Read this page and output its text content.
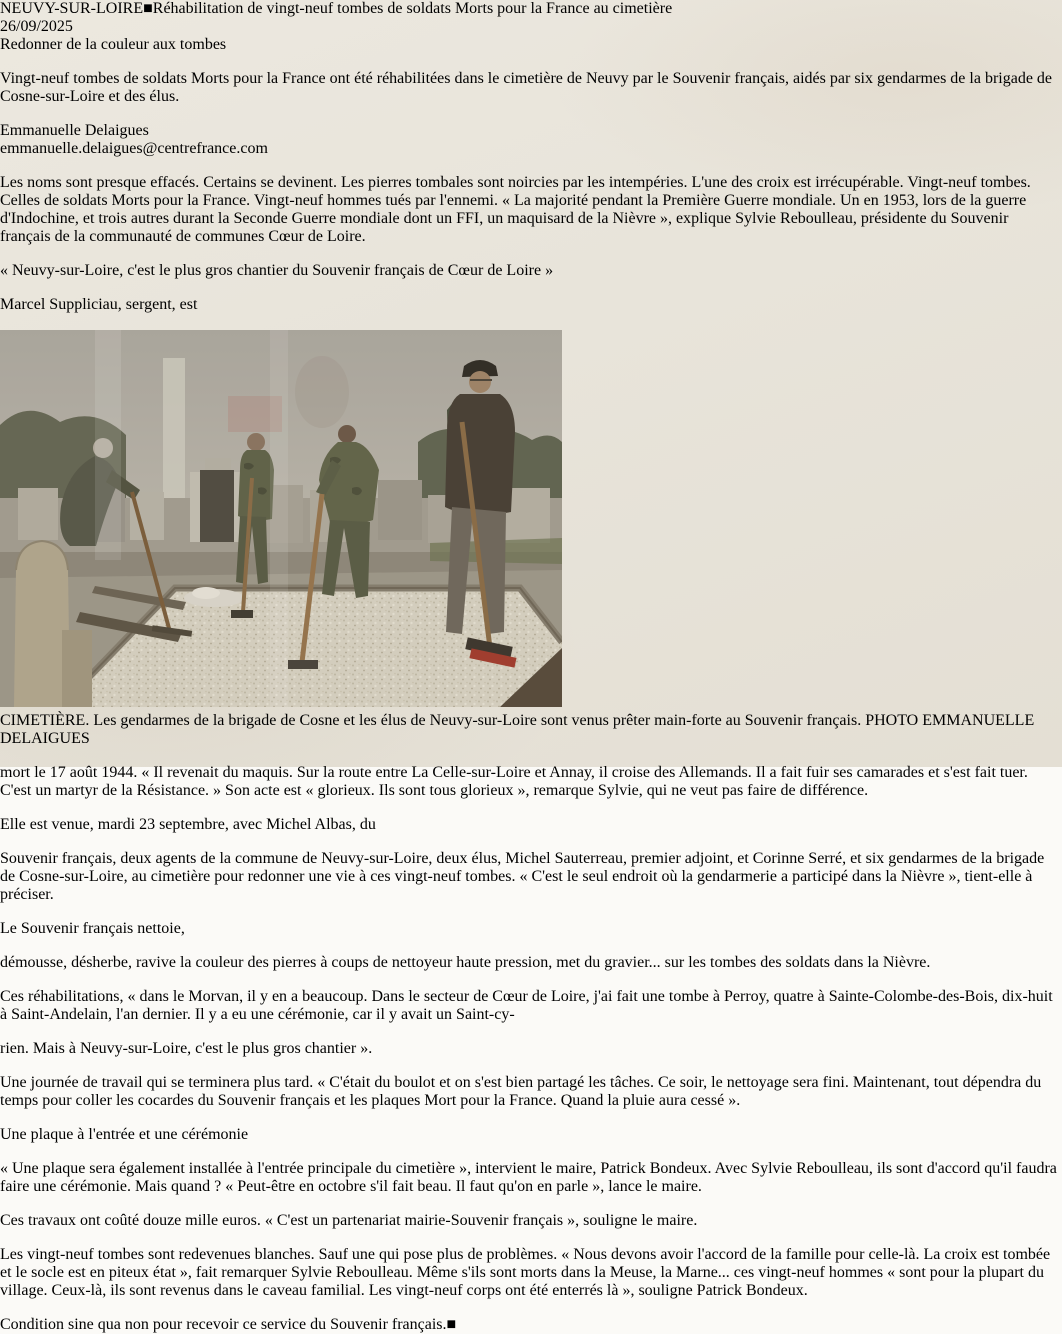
NEUVY-SUR-LOIRE■Réhabilitation de vingt-neuf tombes de soldats Morts pour la France au cimetière
26/09/2025
Redonner de la couleur aux tombes

Vingt-neuf tombes de soldats Morts pour la France ont été réhabilitées dans le cimetière de Neuvy par le Souvenir français, aidés par six gendarmes de la brigade de Cosne-sur-Loire et des élus.

Emmanuelle Delaigues
emmanuelle.delaigues@centrefrance.com

Les noms sont presque effacés. Certains se devinent. Les pierres tombales sont noircies par les intempéries. L'une des croix est irrécupérable. Vingt-neuf tombes. Celles de soldats Morts pour la France. Vingt-neuf hommes tués par l'ennemi. « La majorité pendant la Première Guerre mondiale. Un en 1953, lors de la guerre d'Indochine, et trois autres durant la Seconde Guerre mondiale dont un FFI, un maquisard de la Nièvre », explique Sylvie Reboulleau, présidente du Souvenir français de la communauté de communes Cœur de Loire.

« Neuvy-sur-Loire, c'est le plus gros chantier du Souvenir français de Cœur de Loire »

Marcel Suppliciau, sergent, est

CIMETIÈRE. Les gendarmes de la brigade de Cosne et les élus de Neuvy-sur-Loire sont venus prêter main-forte au Souvenir français. PHOTO EMMANUELLE DELAIGUES

mort le 17 août 1944. « Il revenait du maquis. Sur la route entre La Celle-sur-Loire et Annay, il croise des Allemands. Il a fait fuir ses camarades et s'est fait tuer. C'est un martyr de la Résistance. » Son acte est « glorieux. Ils sont tous glorieux », remarque Sylvie, qui ne veut pas faire de différence.

Elle est venue, mardi 23 septembre, avec Michel Albas, du

Souvenir français, deux agents de la commune de Neuvy-sur-Loire, deux élus, Michel Sauterreau, premier adjoint, et Corinne Serré, et six gendarmes de la brigade de Cosne-sur-Loire, au cimetière pour redonner une vie à ces vingt-neuf tombes. « C'est le seul endroit où la gendarmerie a participé dans la Nièvre », tient-elle à préciser.

Le Souvenir français nettoie,

démousse, désherbe, ravive la couleur des pierres à coups de nettoyeur haute pression, met du gravier... sur les tombes des soldats dans la Nièvre.

Ces réhabilitations, « dans le Morvan, il y en a beaucoup. Dans le secteur de Cœur de Loire, j'ai fait une tombe à Perroy, quatre à Sainte-Colombe-des-Bois, dix-huit à Saint-Andelain, l'an dernier. Il y a eu une cérémonie, car il y avait un Saint-cy-

rien. Mais à Neuvy-sur-Loire, c'est le plus gros chantier ».

Une journée de travail qui se terminera plus tard. « C'était du boulot et on s'est bien partagé les tâches. Ce soir, le nettoyage sera fini. Maintenant, tout dépendra du temps pour coller les cocardes du Souvenir français et les plaques Mort pour la France. Quand la pluie aura cessé ».

Une plaque à l'entrée et une cérémonie

« Une plaque sera également installée à l'entrée principale du cimetière », intervient le maire, Patrick Bondeux. Avec Sylvie Reboulleau, ils sont d'accord qu'il faudra faire une cérémonie. Mais quand ? « Peut-être en octobre s'il fait beau. Il faut qu'on en parle », lance le maire.

Ces travaux ont coûté douze mille euros. « C'est un partenariat mairie-Souvenir français », souligne le maire.

Les vingt-neuf tombes sont redevenues blanches. Sauf une qui pose plus de problèmes. « Nous devons avoir l'accord de la famille pour celle-là. La croix est tombée et le socle est en piteux état », fait remarquer Sylvie Reboulleau. Même s'ils sont morts dans la Meuse, la Marne... ces vingt-neuf hommes « sont pour la plupart du village. Ceux-là, ils sont revenus dans le caveau familial. Les vingt-neuf corps ont été enterrés là », souligne Patrick Bondeux.

Condition sine qua non pour recevoir ce service du Souvenir français.■
